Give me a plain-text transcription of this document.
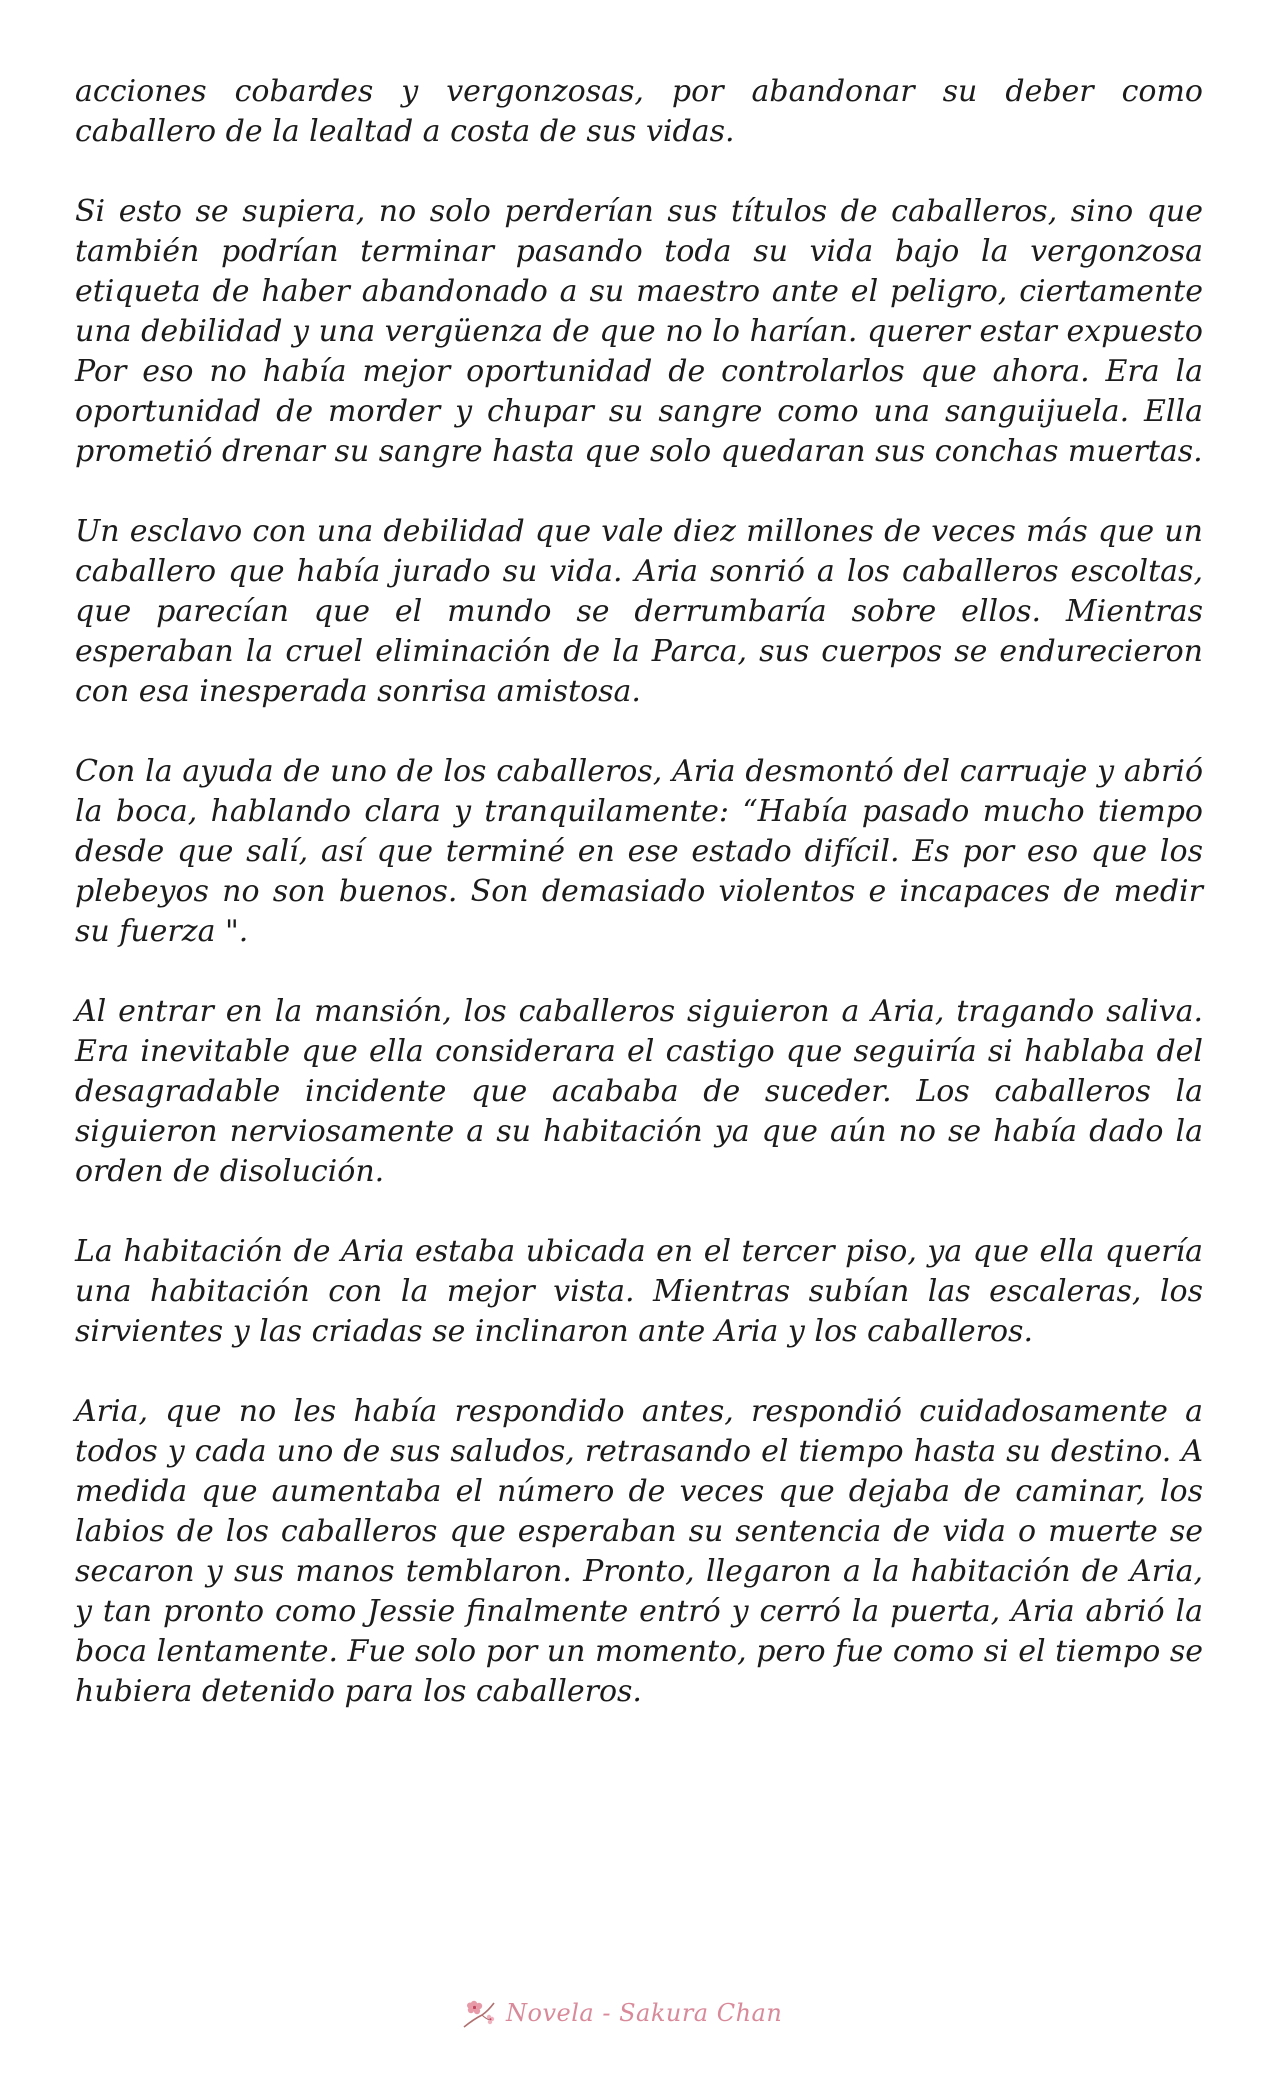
acciones cobardes y vergonzosas, por abandonar su deber como caballero de la lealtad a costa de sus vidas.

Si esto se supiera, no solo perderían sus títulos de caballeros, sino que también podrían terminar pasando toda su vida bajo la vergonzosa etiqueta de haber abandonado a su maestro ante el peligro, ciertamente una debilidad y una vergüenza de que no lo harían. querer estar expuesto Por eso no había mejor oportunidad de controlarlos que ahora. Era la oportunidad de morder y chupar su sangre como una sanguijuela. Ella prometió drenar su sangre hasta que solo quedaran sus conchas muertas.

Un esclavo con una debilidad que vale diez millones de veces más que un caballero que había jurado su vida. Aria sonrió a los caballeros escoltas, que parecían que el mundo se derrumbaría sobre ellos. Mientras esperaban la cruel eliminación de la Parca, sus cuerpos se endurecieron con esa inesperada sonrisa amistosa.

Con la ayuda de uno de los caballeros, Aria desmontó del carruaje y abrió la boca, hablando clara y tranquilamente: “Había pasado mucho tiempo desde que salí, así que terminé en ese estado difícil. Es por eso que los plebeyos no son buenos. Son demasiado violentos e incapaces de medir su fuerza ".

Al entrar en la mansión, los caballeros siguieron a Aria, tragando saliva. Era inevitable que ella considerara el castigo que seguiría si hablaba del desagradable incidente que acababa de suceder. Los caballeros la siguieron nerviosamente a su habitación ya que aún no se había dado la orden de disolución.

La habitación de Aria estaba ubicada en el tercer piso, ya que ella quería una habitación con la mejor vista. Mientras subían las escaleras, los sirvientes y las criadas se inclinaron ante Aria y los caballeros.

Aria, que no les había respondido antes, respondió cuidadosamente a todos y cada uno de sus saludos, retrasando el tiempo hasta su destino. A medida que aumentaba el número de veces que dejaba de caminar, los labios de los caballeros que esperaban su sentencia de vida o muerte se secaron y sus manos temblaron. Pronto, llegaron a la habitación de Aria, y tan pronto como Jessie finalmente entró y cerró la puerta, Aria abrió la boca lentamente. Fue solo por un momento, pero fue como si el tiempo se hubiera detenido para los caballeros.

Novela - Sakura Chan
